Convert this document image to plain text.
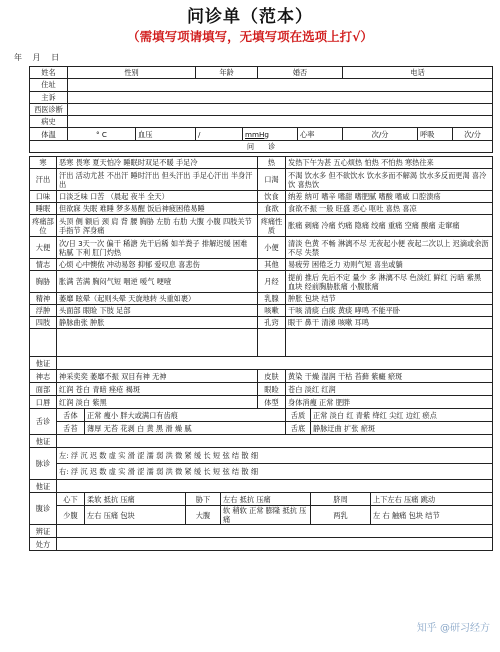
问诊单（范本）
（需填写项请填写，无填写项在选项上打√）
年 月 日
姓名	性别		年龄		婚否		电话		
住址									
主诉									
西医诊断									
病史									
体温	° C	血压	/	mmHg		心率	次/分	呼吸	次/分
问诊									
寒	恶寒 畏寒 夏天怕冷 睡眠时双足不暖 手足冷				热	发热下午为甚 五心烦热 怕热 不怕热 寒热往来		
汗出	汗出 活动尤甚 不出汗 睡时汗出 但头汗出 手足心汗出 半身汗出				口渴	不渴 饮水多 但不欲饮水 饮水多而不解渴 饮水多反而更渴 喜冷饮 喜热饮		
口味	口淡乏味 口苦 （晨起 夜半 全天）				饮食	纳差 纳可 嗜辛 嗜甜 嗜肥腻 嗜酸 嗜咸 口腔溃疡		
睡眠	但欲寐 失眠 难睡 梦多易醒 饭后神疲困倦易睡				食欲	食欲不振 一般 旺盛 恶心 呕吐 喜热 喜凉		
疼痛部位	头顶 侧 额后 颈 肩 背 腰 胸胁 左肋 右肋 大腹 小腹 四肢关节 手指节 浑身痛				疼痛性质	胀痛 刺痛 冷痛 灼痛 隐痛 绞痛 重痛 空痛 酸痛 走窜痛		
大便	次/日 3天一次 偏干 稀溏 先干后稀 如羊粪子 排解迟缓 困难 粘腻 下利 肛门灼热				小便	清淡 色黄 不畅 淋漓不尽 无夜起小便 夜起二次以上 迟滴或余沥不尽 失禁		
情志	心烦 心中懊侬 冲动易怒 抑郁 爱叹息 喜悲伤				其他	易疲劳 困倦乏力 劝则气短 喜坐或躺		
胸胁	胀满 苦满 胸闷气短 咽逆 嗳气 哽噎				月经	提前 推后 先后不定 量少 多 淋漓不尽 色淡红 鲜红 污暗 紫黑 血块 经前胸胁胀痛 小腹胀痛		
精神	萎靡 眩晕（起则头晕 天旋地转 头重如裹）				乳腺	肿胀 包块 结节		
浮肿	头面部 眼睑 下肢 足部				咳嗽	干咳 清痰 白痰 黄痰 哮鸣 不能平卧		
四肢	静脉曲张 肿胀				孔窍	眼干 鼻干 清涕 咳嗽 耳鸣		

他证								
神志	神采奕奕 萎靡不振 双目有神 无神				皮肤	黄染 干燥 湿润 干枯 苔藓 紫癜 瘀斑		
面部	红润 苍白 青暗 痤疮 褐斑				眼睑	苍白 淡红 红润		
口唇	红润 淡白 紫黑				体型	身体消瘦 正常 肥胖		
舌诊	舌体	正常 瘦小 胖大或满口有齿痕				舌质	正常 淡白 红 青紫 绛红 尖红 边红 瘀点	
	舌苔	薄厚 无苔 花剥 白 黄 黑 滑 燥 腻				舌底	静脉迂曲 扩张 瘀斑	
他证								
脉诊	左: 浮 沉 迟 数 虚 实 滑 涩 濡 弱 洪 微 紧 缓 长 短 弦 结 散 细							
	右: 浮 沉 迟 数 虚 实 滑 涩 濡 弱 洪 微 紧 缓 长 短 弦 结 散 细							
他证								
腹诊	心下	柔软 抵抗 压痛	胁下	左右 抵抗 压痛			脐周	上下左右 压痛 跳动
	少腹	左右 压痛 包块	大腹	软 稍软 正常 膨隆 抵抗 压痛			两乳	左 右 触痛 包块 结节
辨证								
处方								
知乎 @研习经方
